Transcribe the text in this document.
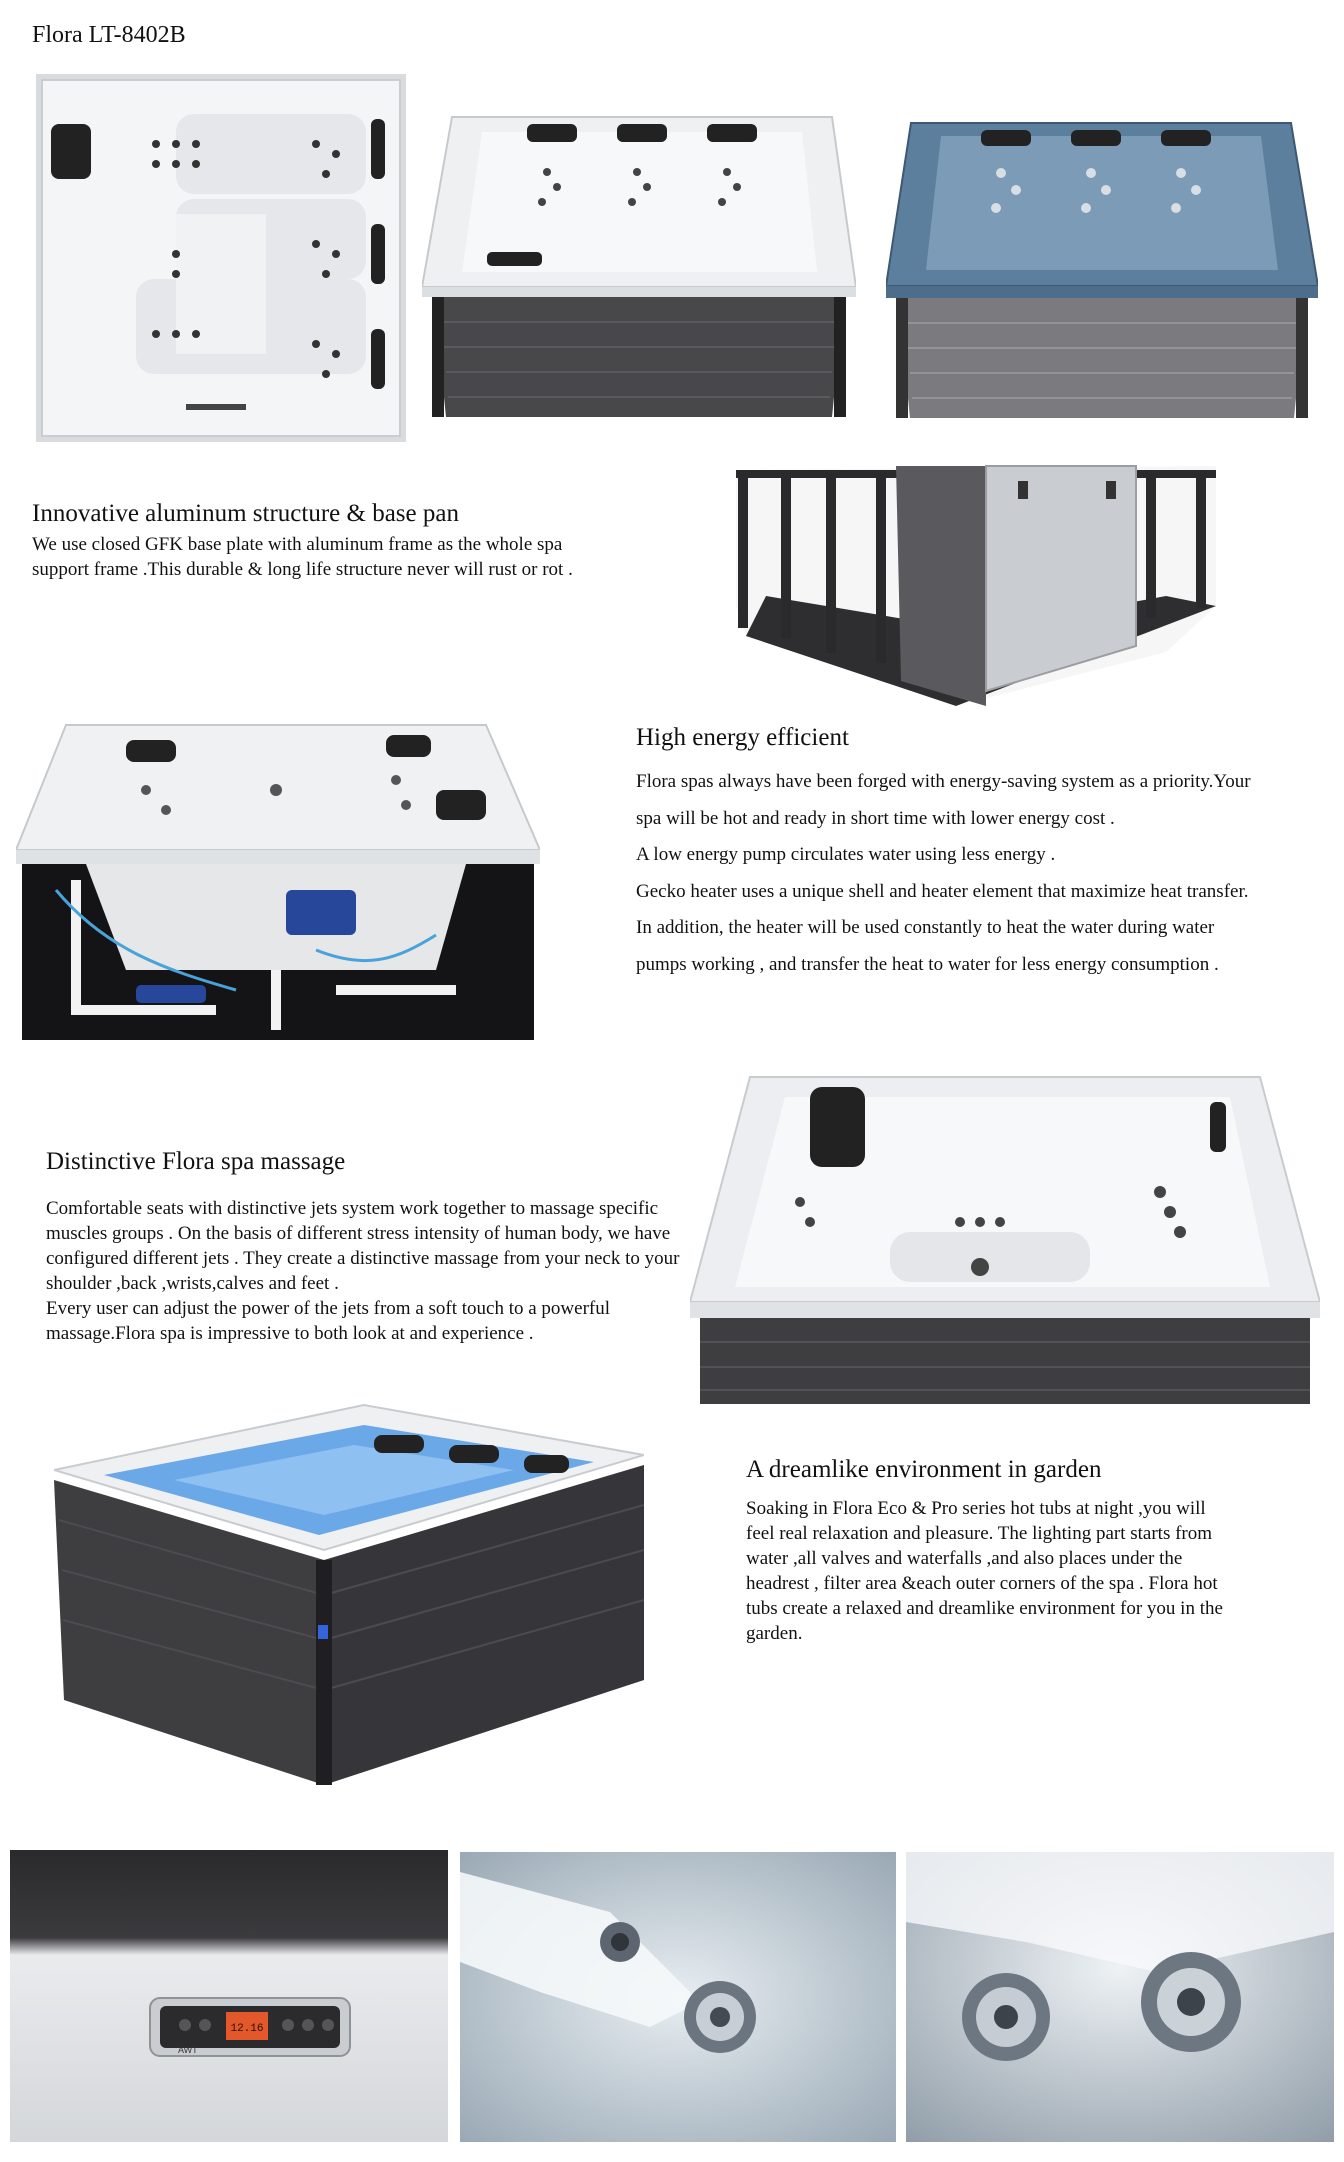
Flora LT-8402B
Innovative aluminum structure & base pan

We use closed GFK base plate with aluminum frame as the whole spa support frame .This durable & long life structure never will rust or rot .

High energy efficient

Flora spas always have been forged with energy-saving system as a priority.Your spa will be hot and ready in short time with lower energy cost .

A low energy pump circulates water using less energy .

Gecko heater uses a unique shell and heater element that maximize heat transfer. In addition, the heater will be used constantly to heat the water during water pumps working , and transfer the heat to water for less energy consumption .

Distinctive Flora spa massage

Comfortable seats with distinctive jets system work together to massage specific muscles groups . On the basis of different stress intensity of human body, we have configured different jets . They create a distinctive massage from your neck to your shoulder ,back ,wrists,calves and feet .

Every user can adjust the power of the jets from a soft touch to a powerful massage.Flora spa is impressive to both look at and experience .

A dreamlike environment in garden

Soaking in Flora Eco & Pro series hot tubs at night ,you will feel real relaxation and pleasure. The lighting part starts from water ,all valves and waterfalls ,and also places under the headrest , filter area &each outer corners of the spa . Flora hot tubs create a relaxed and dreamlike environment for you in the garden.

12.16
AWT
